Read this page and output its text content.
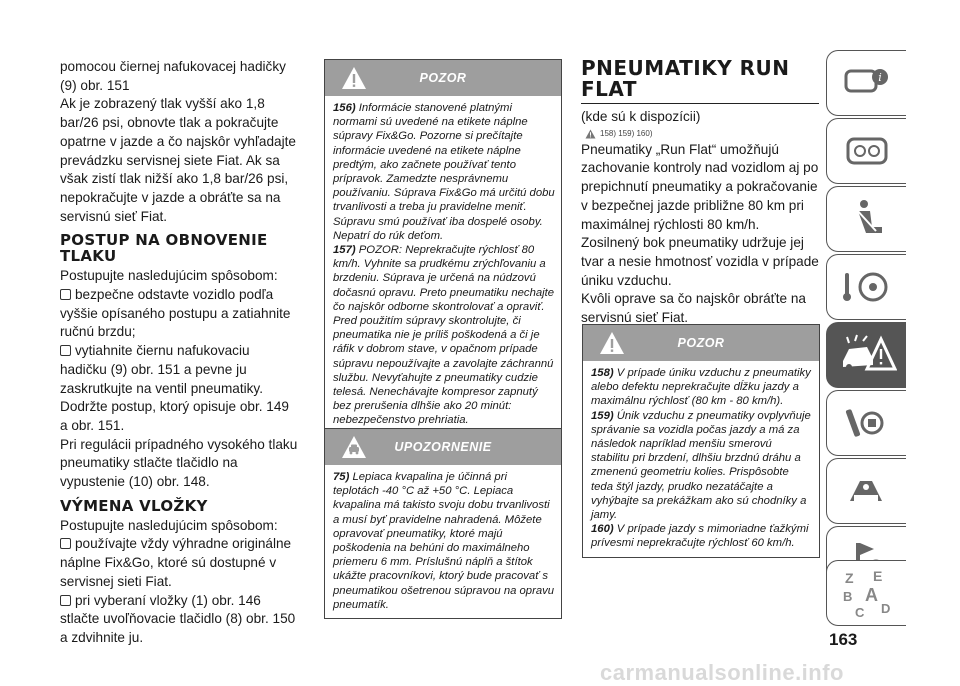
pomocou čiernej nafukovacej hadičky (9) obr. 151

Ak je zobrazený tlak vyšší ako 1,8 bar/26 psi, obnovte tlak a pokračujte opatrne v jazde a čo najskôr vyhľadajte prevádzku servisnej siete Fiat. Ak sa však zistí tlak nižší ako 1,8 bar/26 psi, nepokračujte v jazde a obráťte sa na servisnú sieť Fiat.

POSTUP NA OBNOVENIE TLAKU

Postupujte nasledujúcim spôsobom:

bezpečne odstavte vozidlo podľa vyššie opísaného postupu a zatiahnite ručnú brzdu;

vytiahnite čiernu nafukovaciu hadičku (9) obr. 151 a pevne ju zaskrutkujte na ventil pneumatiky. Dodržte postup, ktorý opisuje obr. 149 a obr. 151.

Pri regulácii prípadného vysokého tlaku pneumatiky stlačte tlačidlo na vypustenie (10) obr. 148.

VÝMENA VLOŽKY

Postupujte nasledujúcim spôsobom:

používajte vždy výhradne originálne náplne Fix&Go, ktoré sú dostupné v servisnej sieti Fiat.

pri vyberaní vložky (1) obr. 146 stlačte uvoľňovacie tlačidlo (8) obr. 150 a zdvihnite ju.

POZOR

156) Informácie stanovené platnými normami sú uvedené na etikete náplne súpravy Fix&Go. Pozorne si prečítajte informácie uvedené na etikete náplne predtým, ako začnete používať tento prípravok. Zamedzte nesprávnemu používaniu. Súprava Fix&Go má určitú dobu trvanlivosti a treba ju pravidelne meniť. Súpravu smú používať iba dospelé osoby. Nepatrí do rúk deťom.

157) POZOR: Neprekračujte rýchlosť 80 km/h. Vyhnite sa prudkému zrýchľovaniu a brzdeniu. Súprava je určená na núdzovú dočasnú opravu. Preto pneumatiku nechajte čo najskôr odborne skontrolovať a opraviť. Pred použitím súpravy skontrolujte, či pneumatika nie je príliš poškodená a či je ráfik v dobrom stave, v opačnom prípade súpravu nepoužívajte a zavolajte záchrannú službu. Nevyťahujte z pneumatiky cudzie telesá. Nenechávajte kompresor zapnutý bez prerušenia dlhšie ako 20 minút: nebezpečenstvo prehriatia.

UPOZORNENIE

75) Lepiaca kvapalina je účinná pri teplotách -40 °C až +50 °C. Lepiaca kvapalina má takisto svoju dobu trvanlivosti a musí byť pravidelne nahradená. Môžete opravovať pneumatiky, ktoré majú poškodenia na behúni do maximálneho priemeru 6 mm. Príslušnú náplň a štítok ukážte pracovníkovi, ktorý bude pracovať s pneumatikou ošetrenou súpravou na opravu pneumatík.

PNEUMATIKY RUN FLAT

(kde sú k dispozícii)

158) 159) 160)

Pneumatiky „Run Flat“ umožňujú zachovanie kontroly nad vozidlom aj po prepichnutí pneumatiky a pokračovanie v bezpečnej jazde približne 80 km pri maximálnej rýchlosti 80 km/h.

Zosilnený bok pneumatiky udržuje jej tvar a nesie hmotnosť vozidla v prípade úniku vzduchu.

Kvôli oprave sa čo najskôr obráťte na servisnú sieť Fiat.

POZOR

158) V prípade úniku vzduchu z pneumatiky alebo defektu neprekračujte dĺžku jazdy a maximálnu rýchlosť (80 km - 80 km/h).

159) Únik vzduchu z pneumatiky ovplyvňuje správanie sa vozidla počas jazdy a má za následok napríklad menšiu smerovú stabilitu pri brzdení, dlhšiu brzdnú dráhu a zmenenú geometriu kolies. Prispôsobte teda štýl jazdy, prudko nezatáčajte a vyhýbajte sa prekážkam ako sú chodníky a jamy.

160) V prípade jazdy s mimoriadne ťažkými prívesmi neprekračujte rýchlosť 60 km/h.

i
Z E
B A
C D
163
carmanualsonline.info
